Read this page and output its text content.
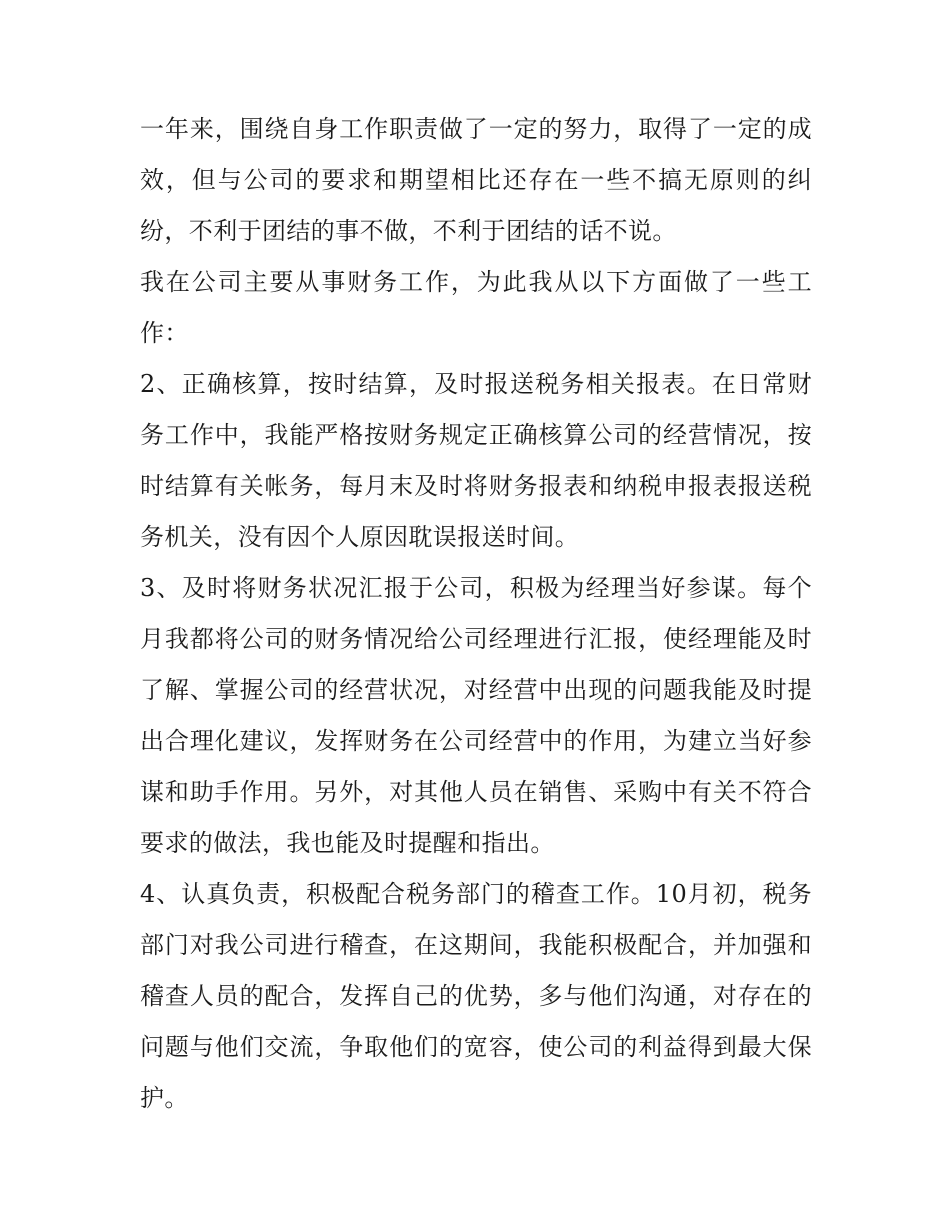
一年来，围绕自身工作职责做了一定的努力，取得了一定的成效，但与公司的要求和期望相比还存在一些不搞无原则的纠纷，不利于团结的事不做，不利于团结的话不说。

我在公司主要从事财务工作，为此我从以下方面做了一些工作：

2、正确核算，按时结算，及时报送税务相关报表。在日常财务工作中，我能严格按财务规定正确核算公司的经营情况，按时结算有关帐务，每月末及时将财务报表和纳税申报表报送税务机关，没有因个人原因耽误报送时间。

3、及时将财务状况汇报于公司，积极为经理当好参谋。每个月我都将公司的财务情况给公司经理进行汇报，使经理能及时了解、掌握公司的经营状况，对经营中出现的问题我能及时提出合理化建议，发挥财务在公司经营中的作用，为建立当好参谋和助手作用。另外，对其他人员在销售、采购中有关不符合要求的做法，我也能及时提醒和指出。

4、认真负责，积极配合税务部门的稽查工作。10月初，税务部门对我公司进行稽查，在这期间，我能积极配合，并加强和稽查人员的配合，发挥自己的优势，多与他们沟通，对存在的问题与他们交流，争取他们的宽容，使公司的利益得到最大保护。
